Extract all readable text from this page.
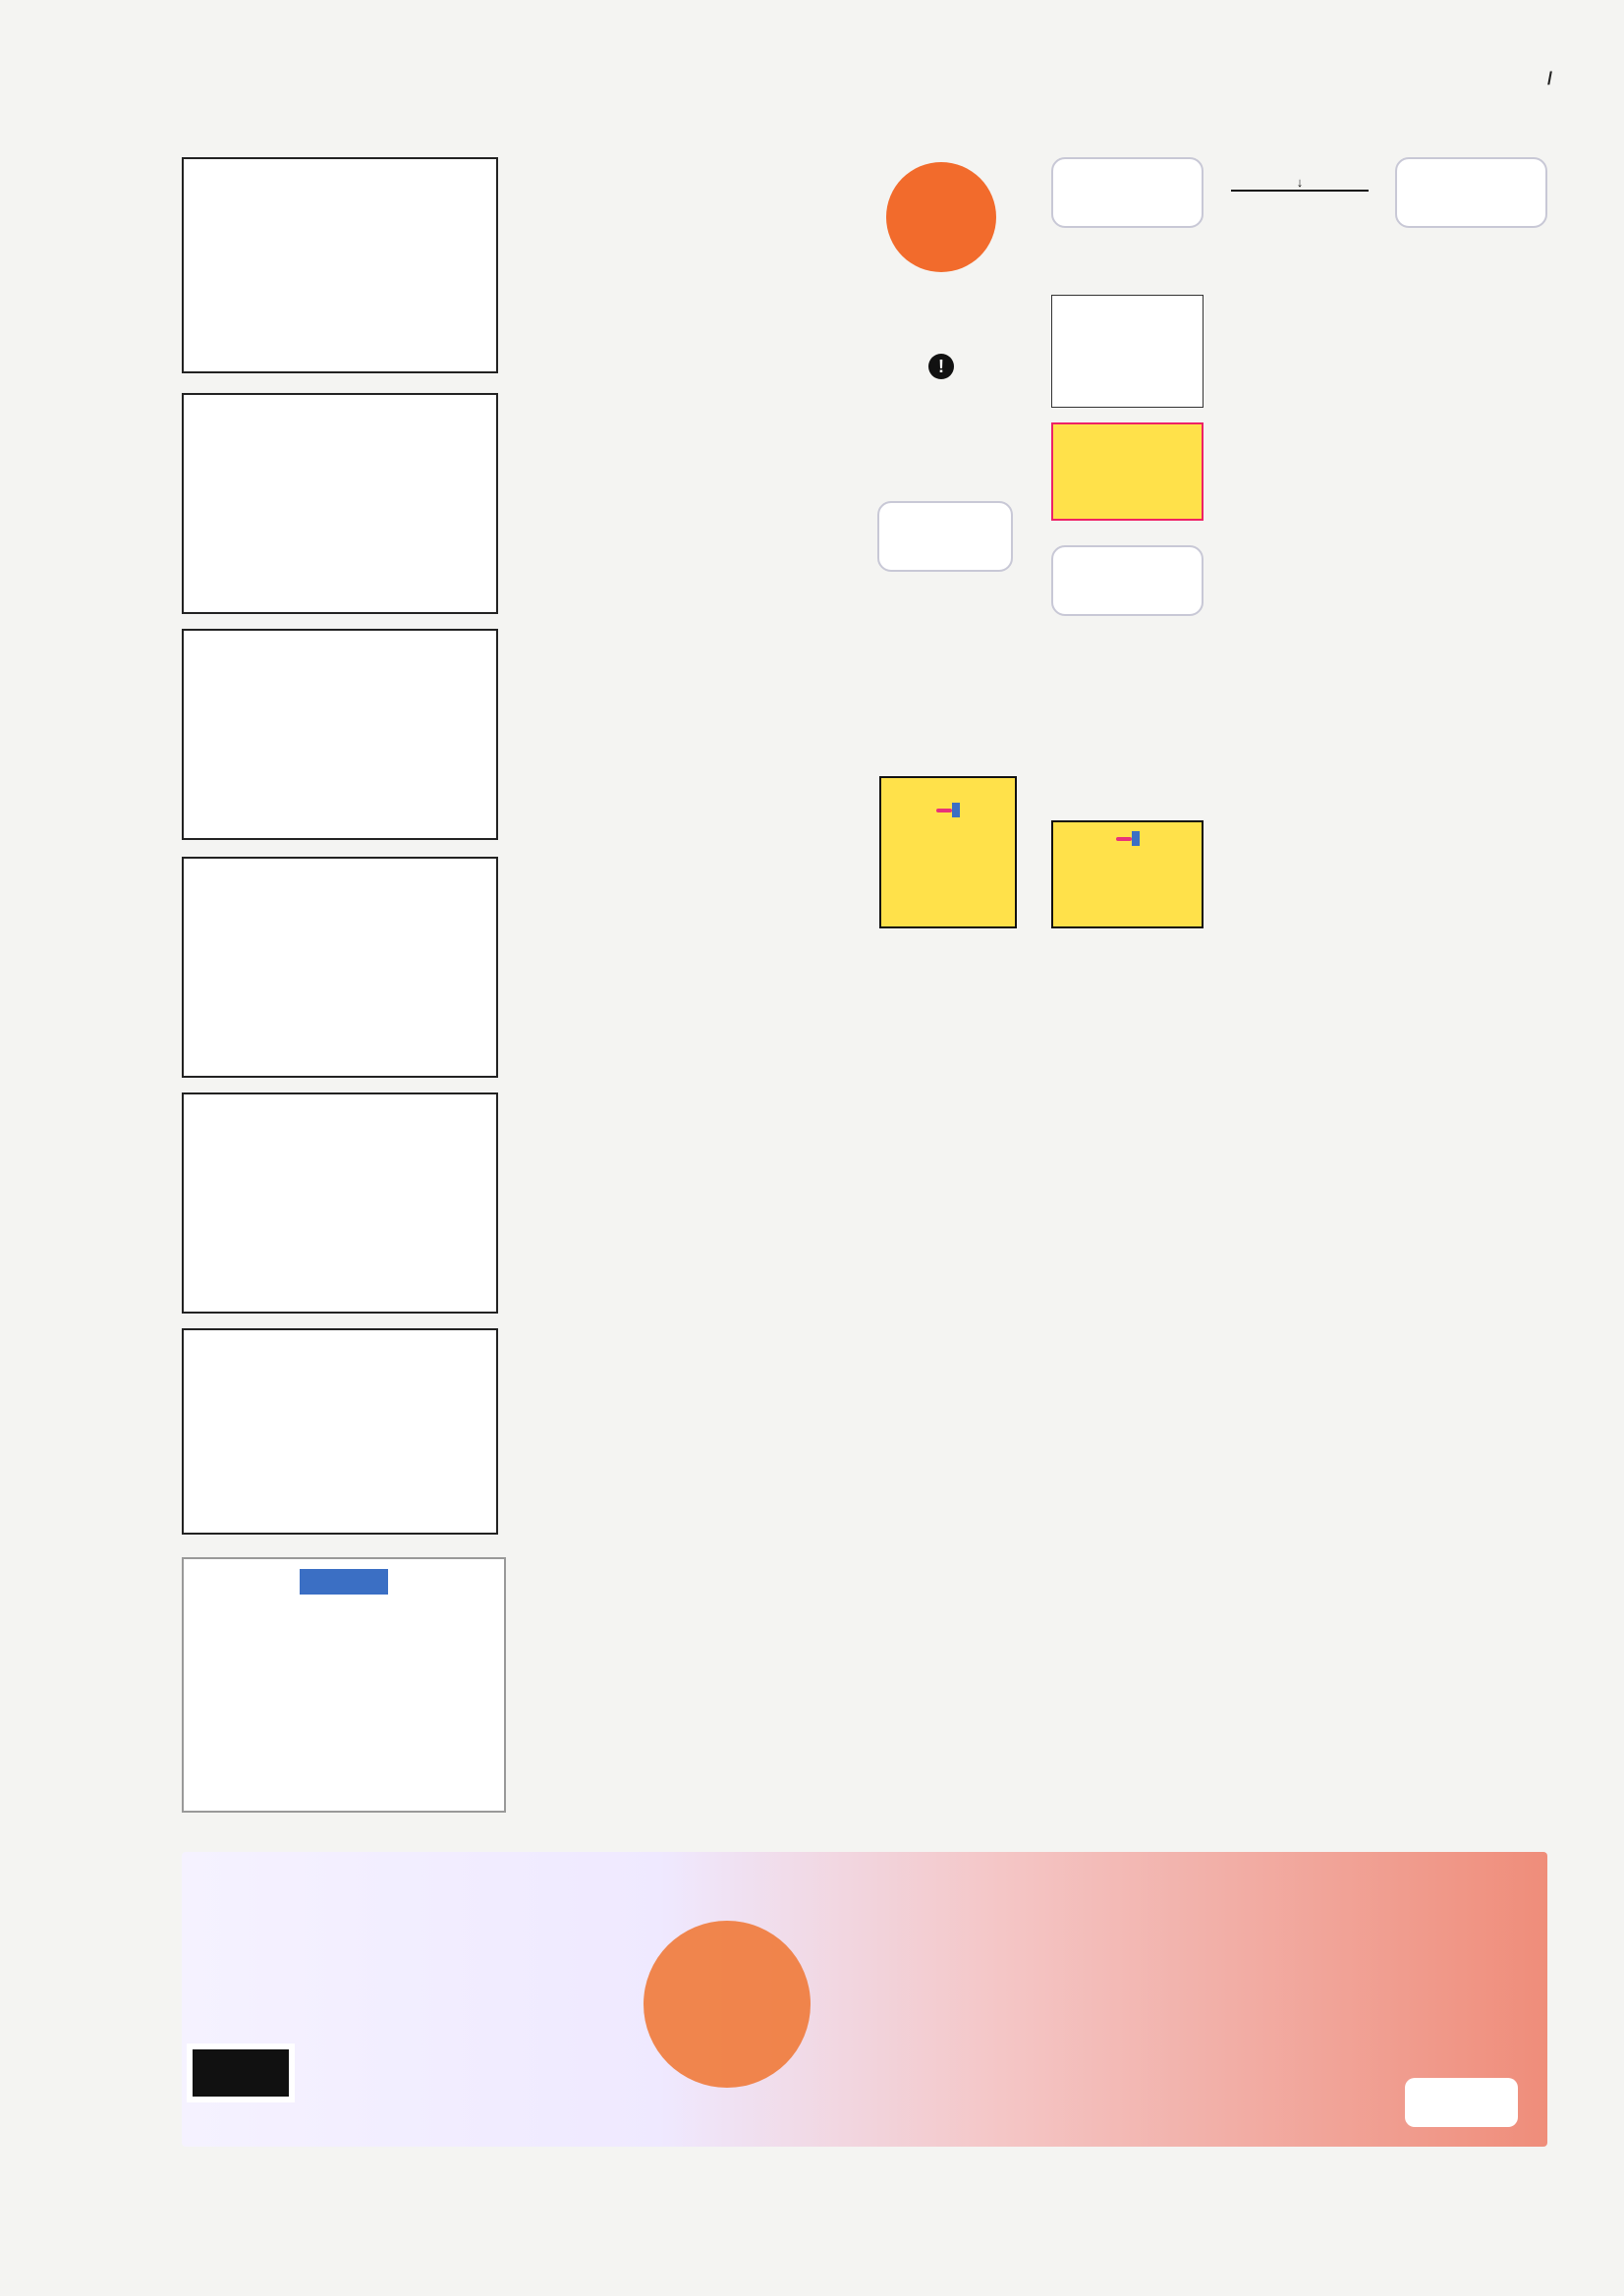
/

!
↓
